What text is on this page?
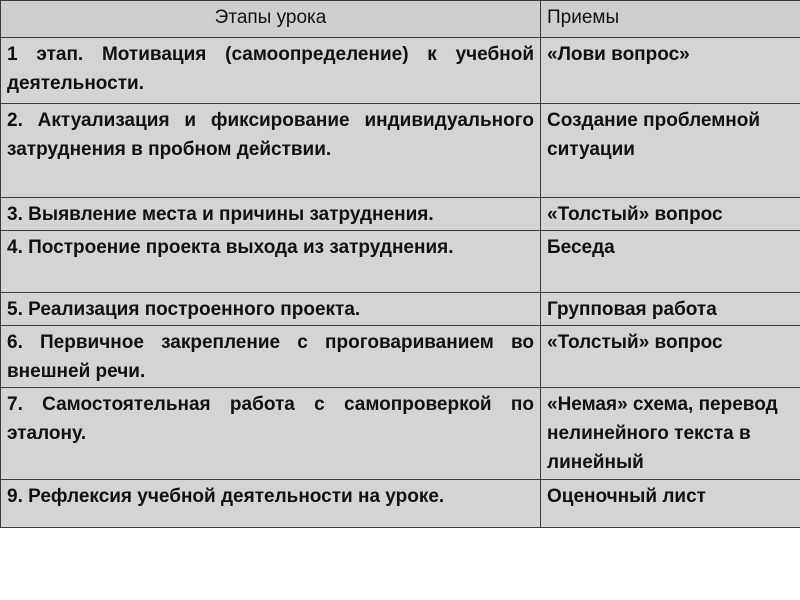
Этапы урока	Приемы
1 этап. Мотивация (самоопределение) к учебной деятельности.	«Лови вопрос»
2. Актуализация и фиксирование индивидуального затруднения в пробном действии.	Создание проблемной ситуации
3. Выявление места и причины затруднения.	«Толстый» вопрос
4. Построение проекта выхода из затруднения.	Беседа
5. Реализация построенного проекта.	Групповая работа
6. Первичное закрепление с проговариванием во внешней речи.	«Толстый» вопрос
7. Самостоятельная работа с самопроверкой по эталону.	«Немая» схема, перевод нелинейного текста в линейный
9. Рефлексия учебной деятельности на уроке.	Оценочный лист
